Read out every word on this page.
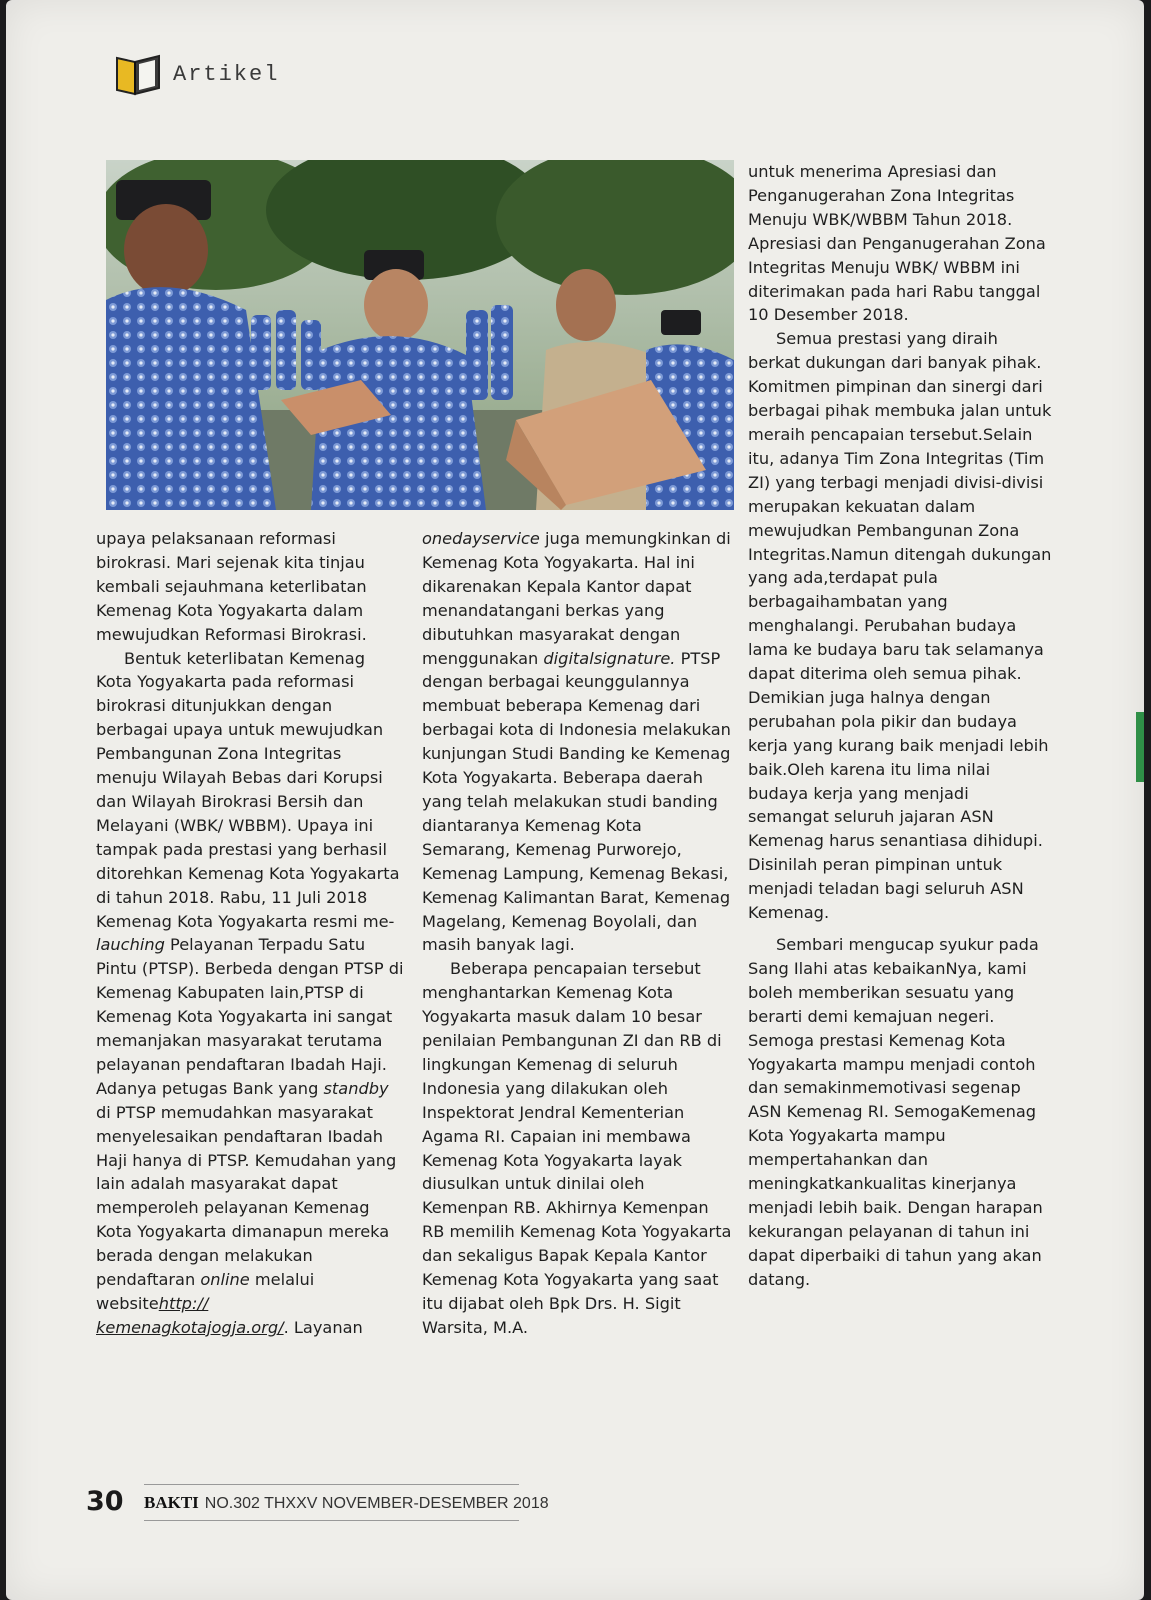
Artikel

upaya pelaksanaan reformasi birokrasi. Mari sejenak kita tinjau kembali sejauhmana keterlibatan Kemenag Kota Yogyakarta dalam mewujudkan Reformasi Birokrasi.

Bentuk keterlibatan Kemenag Kota Yogyakarta pada reformasi birokrasi ditunjukkan dengan berbagai upaya untuk mewujudkan Pembangunan Zona Integritas menuju Wilayah Bebas dari Korupsi dan Wilayah Birokrasi Bersih dan Melayani (WBK/ WBBM). Upaya ini tampak pada prestasi yang berhasil ditorehkan Kemenag Kota Yogyakarta di tahun 2018. Rabu, 11 Juli 2018 Kemenag Kota Yogyakarta resmi me-lauching Pelayanan Terpadu Satu Pintu (PTSP). Berbeda dengan PTSP di Kemenag Kabupaten lain,PTSP di Kemenag Kota Yogyakarta ini sangat memanjakan masyarakat terutama pelayanan pendaftaran Ibadah Haji. Adanya petugas Bank yang standby di PTSP memudahkan masyarakat menyelesaikan pendaftaran Ibadah Haji hanya di PTSP. Kemudahan yang lain adalah masyarakat dapat memperoleh pelayanan Kemenag Kota Yogyakarta dimanapun mereka berada dengan melakukan pendaftaran online melalui websitehttp:// kemenagkotajogja.org/. Layanan

onedayservice juga memungkinkan di Kemenag Kota Yogyakarta. Hal ini dikarenakan Kepala Kantor dapat menandatangani berkas yang dibutuhkan masyarakat dengan menggunakan digitalsignature. PTSP dengan berbagai keunggulannya membuat beberapa Kemenag dari berbagai kota di Indonesia melakukan kunjungan Studi Banding ke Kemenag Kota Yogyakarta. Beberapa daerah yang telah melakukan studi banding diantaranya Kemenag Kota Semarang, Kemenag Purworejo, Kemenag Lampung, Kemenag Bekasi, Kemenag Kalimantan Barat, Kemenag Magelang, Kemenag Boyolali, dan masih banyak lagi.

Beberapa pencapaian tersebut menghantarkan Kemenag Kota Yogyakarta masuk dalam 10 besar penilaian Pembangunan ZI dan RB di lingkungan Kemenag di seluruh Indonesia yang dilakukan oleh Inspektorat Jendral Kementerian Agama RI. Capaian ini membawa Kemenag Kota Yogyakarta layak diusulkan untuk dinilai oleh Kemenpan RB. Akhirnya Kemenpan RB memilih Kemenag Kota Yogyakarta dan sekaligus Bapak Kepala Kantor Kemenag Kota Yogyakarta yang saat itu dijabat oleh Bpk Drs. H. Sigit Warsita, M.A.

untuk menerima Apresiasi dan Penganugerahan Zona Integritas Menuju WBK/WBBM Tahun 2018. Apresiasi dan Penganugerahan Zona Integritas Menuju WBK/ WBBM ini diterimakan pada hari Rabu tanggal 10 Desember 2018.

Semua prestasi yang diraih berkat dukungan dari banyak pihak. Komitmen pimpinan dan sinergi dari berbagai pihak membuka jalan untuk meraih pencapaian tersebut.Selain itu, adanya Tim Zona Integritas (Tim ZI) yang terbagi menjadi divisi-divisi merupakan kekuatan dalam mewujudkan Pembangunan Zona Integritas.Namun ditengah dukungan yang ada,terdapat pula berbagaihambatan yang menghalangi. Perubahan budaya lama ke budaya baru tak selamanya dapat diterima oleh semua pihak. Demikian juga halnya dengan perubahan pola pikir dan budaya kerja yang kurang baik menjadi lebih baik.Oleh karena itu lima nilai budaya kerja yang menjadi semangat seluruh jajaran ASN Kemenag harus senantiasa dihidupi. Disinilah peran pimpinan untuk menjadi teladan bagi seluruh ASN Kemenag.

Sembari mengucap syukur pada Sang Ilahi atas kebaikanNya, kami boleh memberikan sesuatu yang berarti demi kemajuan negeri. Semoga prestasi Kemenag Kota Yogyakarta mampu menjadi contoh dan semakinmemotivasi segenap ASN Kemenag RI. SemogaKemenag Kota Yogyakarta mampu mempertahankan dan meningkatkankualitas kinerjanya menjadi lebih baik. Dengan harapan kekurangan pelayanan di tahun ini dapat diperbaiki di tahun yang akan datang.

30 BAKTI NO.302 THXXV NOVEMBER-DESEMBER 2018
